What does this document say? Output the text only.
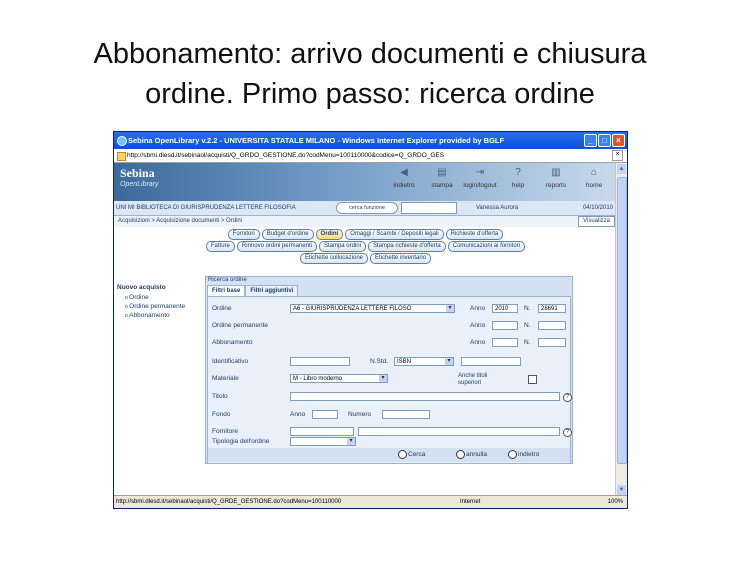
Abbonamento: arrivo documenti e chiusura
ordine. Primo passo: ricerca ordine
Sebina OpenLibrary v.2.2 - UNIVERSITA STATALE MILANO - Windows Internet Explorer provided by BGLF	_	□	×
http://sbmi.dlesd.it/sebinaol/acquisti/Q_GRDO_GESTIONE.do?codMenu=100110000&codice=Q_GRDO_GES	×
Sebina
OpenLibrary
◀
indietro
▤
stampa
⇥
login/logout
?
help
▥
reports
⌂
home
UNI MI BIBLIOTECA DI GIURISPRUDENZA LETTERE FILOSOFIA	cerca funzione	Vanessa Aurora	04/10/2010
Acquisizioni > Acquisizione documenti > Ordini	Visualizza
Fornitori	Budget d'ordine	Ordini	Omaggi / Scambi / Depositi legali	Richieste d'offerta
Fatture	Rinnovo ordini permanenti	Stampa ordini	Stampa richieste d'offerta	Comunicazioni ai fornitori
Etichette collocazione	Etichette inventario
Nuovo acquisto
o Ordine
o Ordine permanente
o Abbonamento
Ricerca ordine
Filtri base	Filtri aggiuntivi
Ordine	A6 - GIURISPRUDENZA LETTERE FILOSO ▾	Anno	2010	N.	28691
Ordine permanente	Anno	N.
Abbonamento	Anno	N.
Identificativo	N.Std.	ISBN ▾
Materiale	M - Libro moderno ▾	Anche titoli superiori
Titolo	?
Fondo	Anno	Numero
Fornitore	?
Tipologia dell'ordine
▾
Cerca	annulla	indietro
▲
▼
http://sbmi.dlesd.it/sebinaol/acquisti/Q_GRDE_GESTIONE.do?codMenu=100110000	Internet	100%
